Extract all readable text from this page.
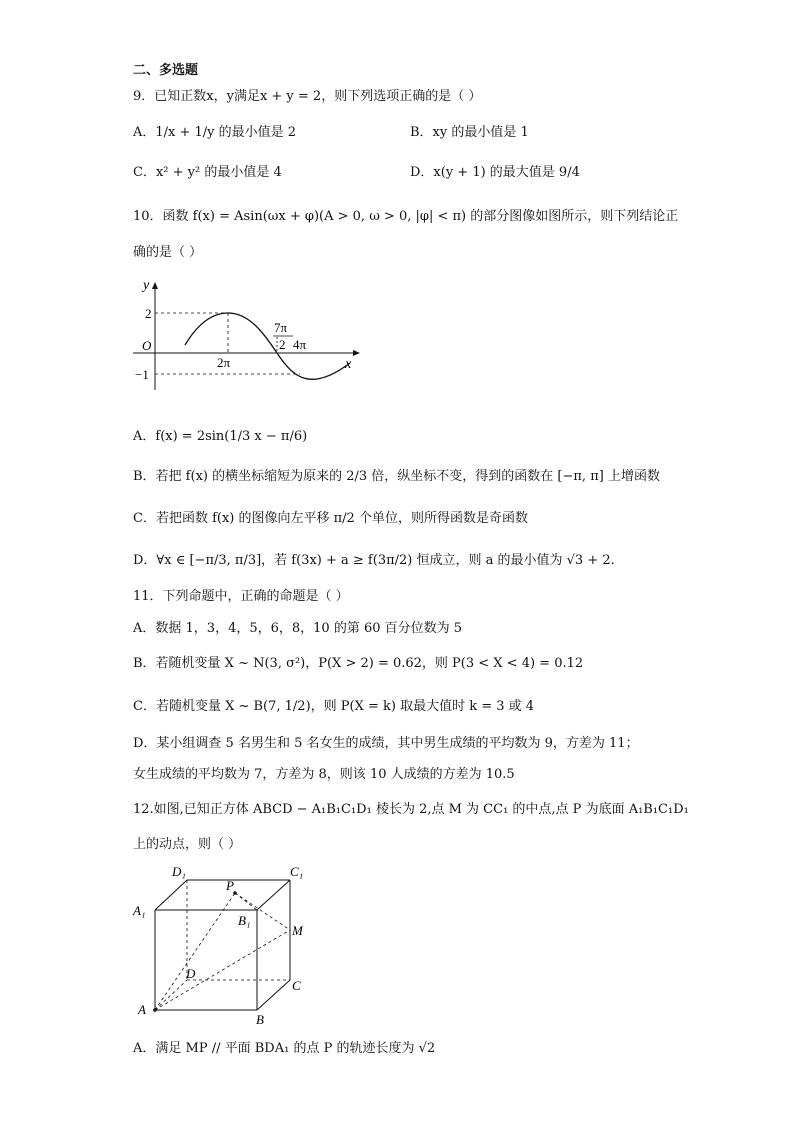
二、多选题
9．已知正数x，y满足x + y = 2，则下列选项正确的是（ ）
A．1/x + 1/y 的最小值是 2	B．xy 的最小值是 1
C．x² + y² 的最小值是 4	D．x(y + 1) 的最大值是 9/4
10．函数 f(x) = Asin(ωx + φ)(A > 0, ω > 0, |φ| < π) 的部分图像如图所示，则下列结论正
确的是（ ）
y
2
O
−1
2π
7π
2 4π
x
A．f(x) = 2sin(1/3 x − π/6)
B．若把 f(x) 的横坐标缩短为原来的 2/3 倍，纵坐标不变，得到的函数在 [−π, π] 上增函数
C．若把函数 f(x) 的图像向左平移 π/2 个单位，则所得函数是奇函数
D．∀x ∈ [−π/3, π/3]，若 f(3x) + a ≥ f(3π/2) 恒成立，则 a 的最小值为 √3 + 2．
11．下列命题中，正确的命题是（ ）
A．数据 1，3，4，5，6，8，10 的第 60 百分位数为 5
B．若随机变量 X ~ N(3, σ²)，P(X > 2) = 0.62，则 P(3 < X < 4) = 0.12
C．若随机变量 X ~ B(7, 1/2)，则 P(X = k) 取最大值时 k = 3 或 4
D．某小组调查 5 名男生和 5 名女生的成绩，其中男生成绩的平均数为 9，方差为 11；
女生成绩的平均数为 7，方差为 8，则该 10 人成绩的方差为 10.5
12.如图,已知正方体 ABCD − A₁B₁C₁D₁ 棱长为 2,点 M 为 CC₁ 的中点,点 P 为底面 A₁B₁C₁D₁
上的动点，则（ ）
A₁
D₁
P
C₁
B₁
M
D
C
A
B
A．满足 MP // 平面 BDA₁ 的点 P 的轨迹长度为 √2
